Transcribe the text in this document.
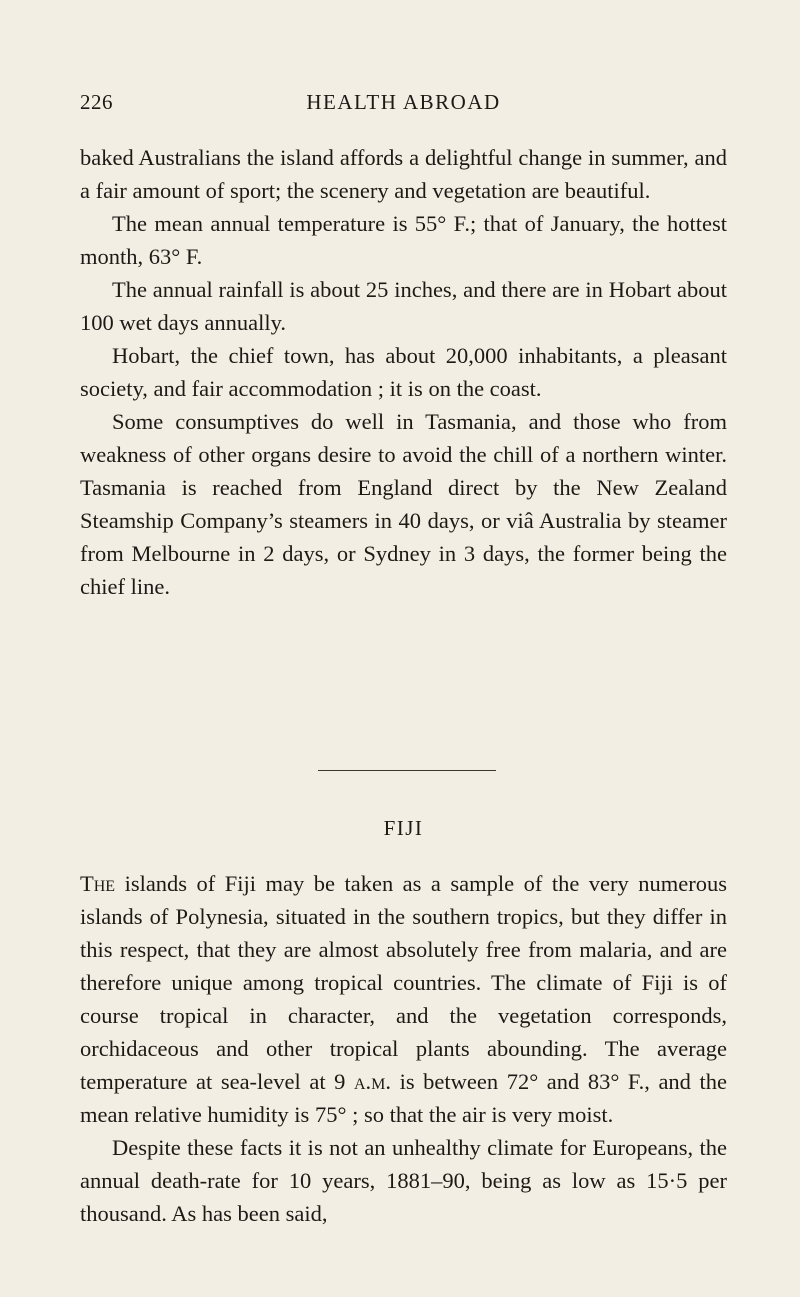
226	HEALTH ABROAD

baked Australians the island affords a delightful change in summer, and a fair amount of sport; the scenery and vegetation are beautiful.

The mean annual temperature is 55° F.; that of January, the hottest month, 63° F.

The annual rainfall is about 25 inches, and there are in Hobart about 100 wet days annually.

Hobart, the chief town, has about 20,000 inhabitants, a pleasant society, and fair accommodation ; it is on the coast.

Some consumptives do well in Tasmania, and those who from weakness of other organs desire to avoid the chill of a northern winter. Tasmania is reached from England direct by the New Zealand Steamship Company’s steamers in 40 days, or viâ Australia by steamer from Melbourne in 2 days, or Sydney in 3 days, the former being the chief line.

FIJI

The islands of Fiji may be taken as a sample of the very numerous islands of Polynesia, situated in the southern tropics, but they differ in this respect, that they are almost absolutely free from malaria, and are therefore unique among tropical countries. The climate of Fiji is of course tropical in character, and the vegetation corresponds, orchidaceous and other tropical plants abounding. The average temperature at sea-level at 9 a.m. is between 72° and 83° F., and the mean relative humidity is 75° ; so that the air is very moist.

Despite these facts it is not an unhealthy climate for Europeans, the annual death-rate for 10 years, 1881–90, being as low as 15·5 per thousand. As has been said,
